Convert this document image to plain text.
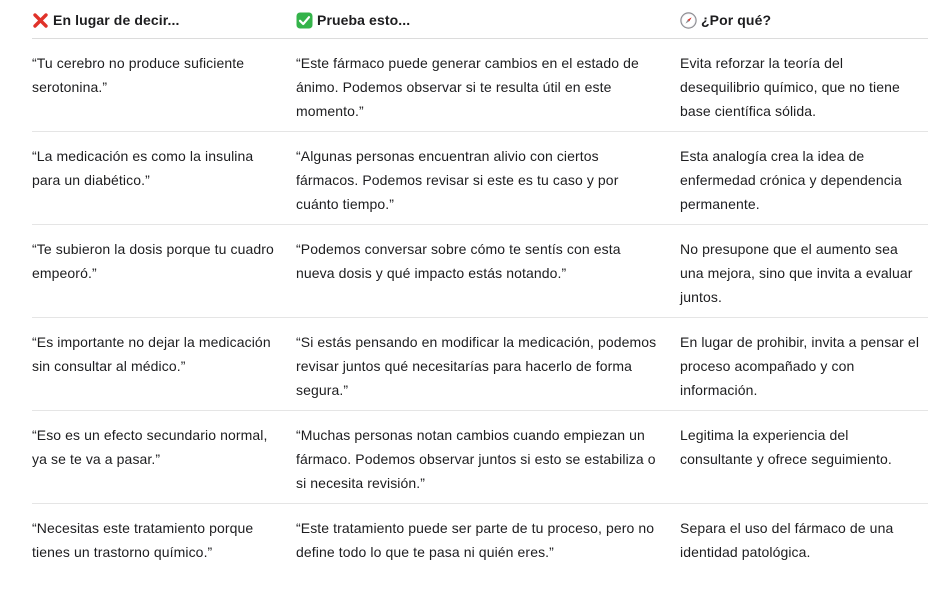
En lugar de decir...	Prueba esto...	¿Por qué?
“Tu cerebro no produce suficiente serotonina.”
“Este fármaco puede generar cambios en el estado de ánimo. Podemos observar si te resulta útil en este momento.”
Evita reforzar la teoría del desequilibrio químico, que no tiene base científica sólida.
“La medicación es como la insulina para un diabético.”
“Algunas personas encuentran alivio con ciertos fármacos. Podemos revisar si este es tu caso y por cuánto tiempo.”
Esta analogía crea la idea de enfermedad crónica y dependencia permanente.
“Te subieron la dosis porque tu cuadro empeoró.”
“Podemos conversar sobre cómo te sentís con esta nueva dosis y qué impacto estás notando.”
No presupone que el aumento sea una mejora, sino que invita a evaluar juntos.
“Es importante no dejar la medicación sin consultar al médico.”
“Si estás pensando en modificar la medicación, podemos revisar juntos qué necesitarías para hacerlo de forma segura.”
En lugar de prohibir, invita a pensar el proceso acompañado y con información.
“Eso es un efecto secundario normal, ya se te va a pasar.”
“Muchas personas notan cambios cuando empiezan un fármaco. Podemos observar juntos si esto se estabiliza o si necesita revisión.”
Legitima la experiencia del consultante y ofrece seguimiento.
“Necesitas este tratamiento porque tienes un trastorno químico.”
“Este tratamiento puede ser parte de tu proceso, pero no define todo lo que te pasa ni quién eres.”
Separa el uso del fármaco de una identidad patológica.
